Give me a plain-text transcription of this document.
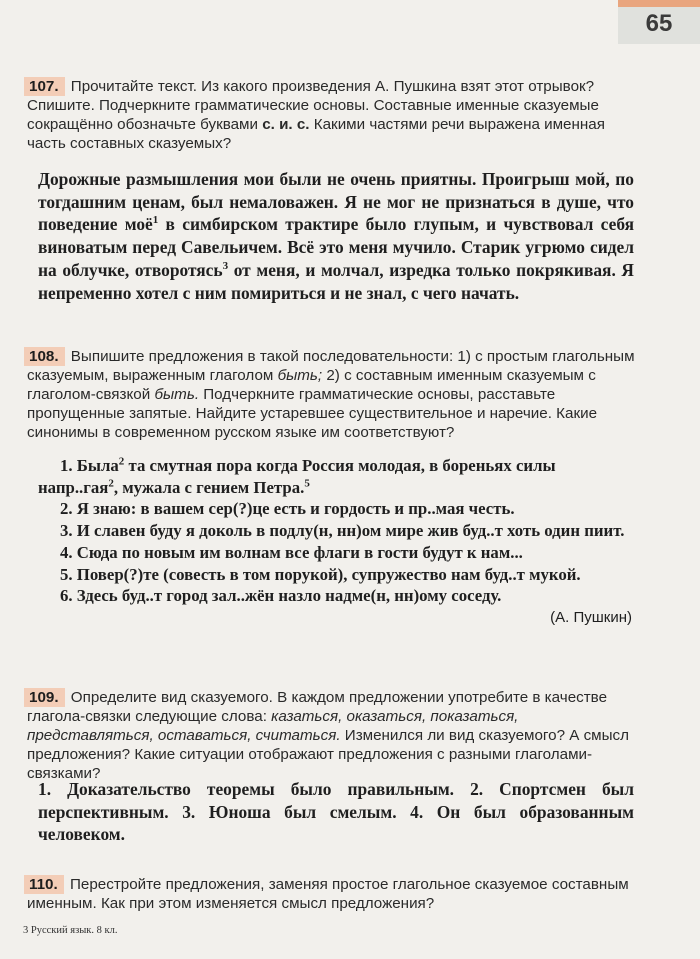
65
107. Прочитайте текст. Из какого произведения А. Пушкина взят этот отрывок? Спишите. Подчеркните грамматические основы. Составные именные сказуемые сокращённо обозначьте буквами с. и. с. Какими частями речи выражена именная часть составных сказуемых?
Дорожные размышления мои были не очень приятны. Проигрыш мой, по тогдашним ценам, был немаловажен. Я не мог не признаться в душе, что поведение моё$^1$ в симбирском трактире было глупым, и чувствовал себя виноватым перед Савельичем. Всё это меня мучило. Старик угрюмо сидел на облучке, отворотясь$^3$ от меня, и молчал, изредка только покрякивая. Я непременно хотел с ним помириться и не знал, с чего начать.
108. Выпишите предложения в такой последовательности: 1) с простым глагольным сказуемым, выраженным глаголом быть; 2) с составным именным сказуемым с глаголом-связкой быть. Подчеркните грамматические основы, расставьте пропущенные запятые. Найдите устаревшее существительное и наречие. Какие синонимы в современном русском языке им соответствуют?
1. Была$^2$ та смутная пора когда Россия молодая, в бореньях силы напр..гая$^2$, мужала с гением Петра.$^5$
2. Я знаю: в вашем сер(?)це есть и гордость и пр..мая честь.
3. И славен буду я доколь в подлу(н, нн)ом мире жив буд..т хоть один пиит.
4. Сюда по новым им волнам все флаги в гости будут к нам...
5. Повер(?)те (совесть в том порукой), супружество нам буд..т мукой.
6. Здесь буд..т город зал..жён назло надме(н, нн)ому соседу.
(А. Пушкин)
109. Определите вид сказуемого. В каждом предложении употребите в качестве глагола-связки следующие слова: казаться, оказаться, показаться, представляться, оставаться, считаться. Изменился ли вид сказуемого? А смысл предложения? Какие ситуации отображают предложения с разными глаголами-связками?
1. Доказательство теоремы было правильным. 2. Спортсмен был перспективным. 3. Юноша был смелым. 4. Он был образованным человеком.
110. Перестройте предложения, заменяя простое глагольное сказуемое составным именным. Как при этом изменяется смысл предложения?
3 Русский язык. 8 кл.
